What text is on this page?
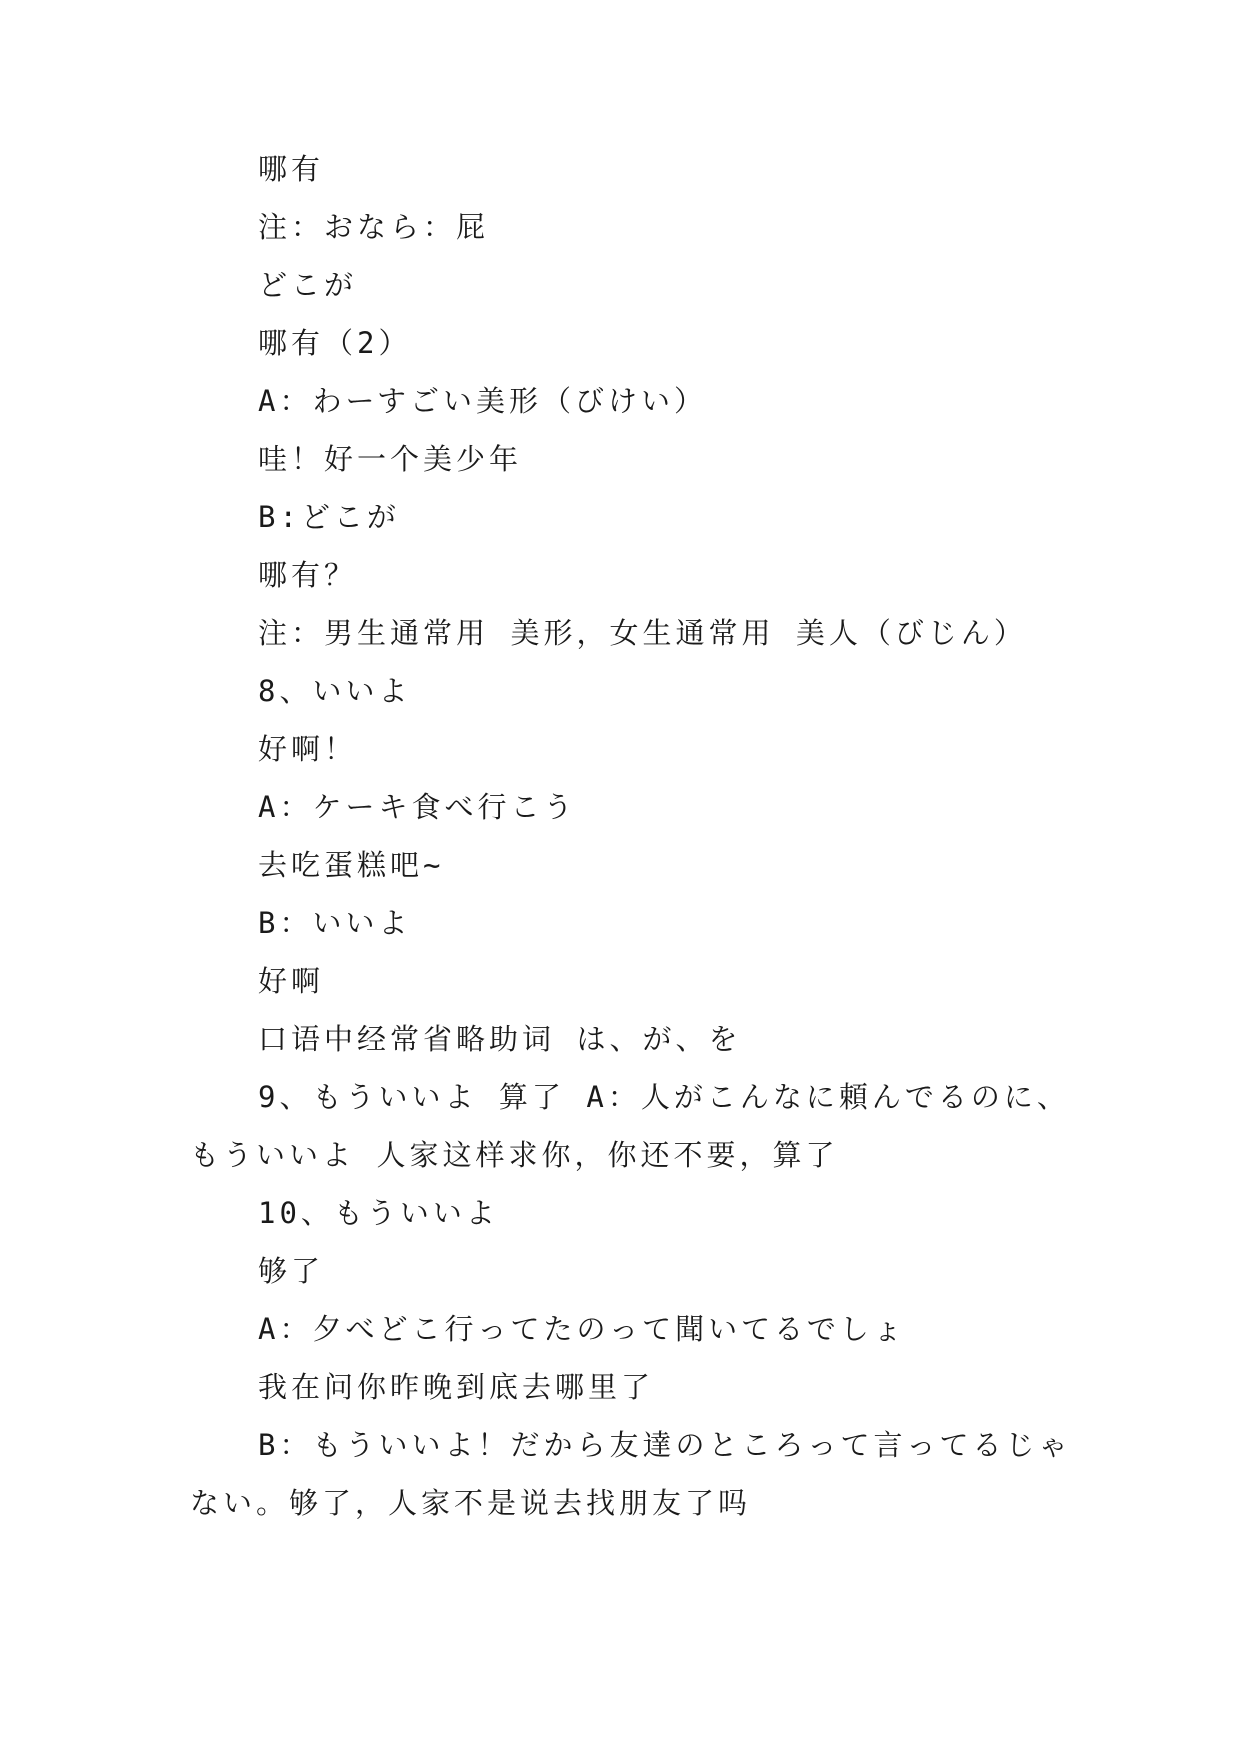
哪有

注：おなら：屁

どこが

哪有（2）

A：わーすごい美形（びけい）

哇！好一个美少年

B:どこが

哪有？

注：男生通常用 美形，女生通常用 美人（びじん）

8、いいよ

好啊！

A：ケーキ食べ行こう

去吃蛋糕吧~

B：いいよ

好啊

口语中经常省略助词 は、が、を

9、もういいよ 算了 A：人がこんなに頼んでるのに、もういいよ 人家这样求你，你还不要，算了

10、もういいよ

够了

A：夕べどこ行ってたのって聞いてるでしょ

我在问你昨晚到底去哪里了

B：もういいよ！だから友達のところって言ってるじゃない。够了，人家不是说去找朋友了吗
